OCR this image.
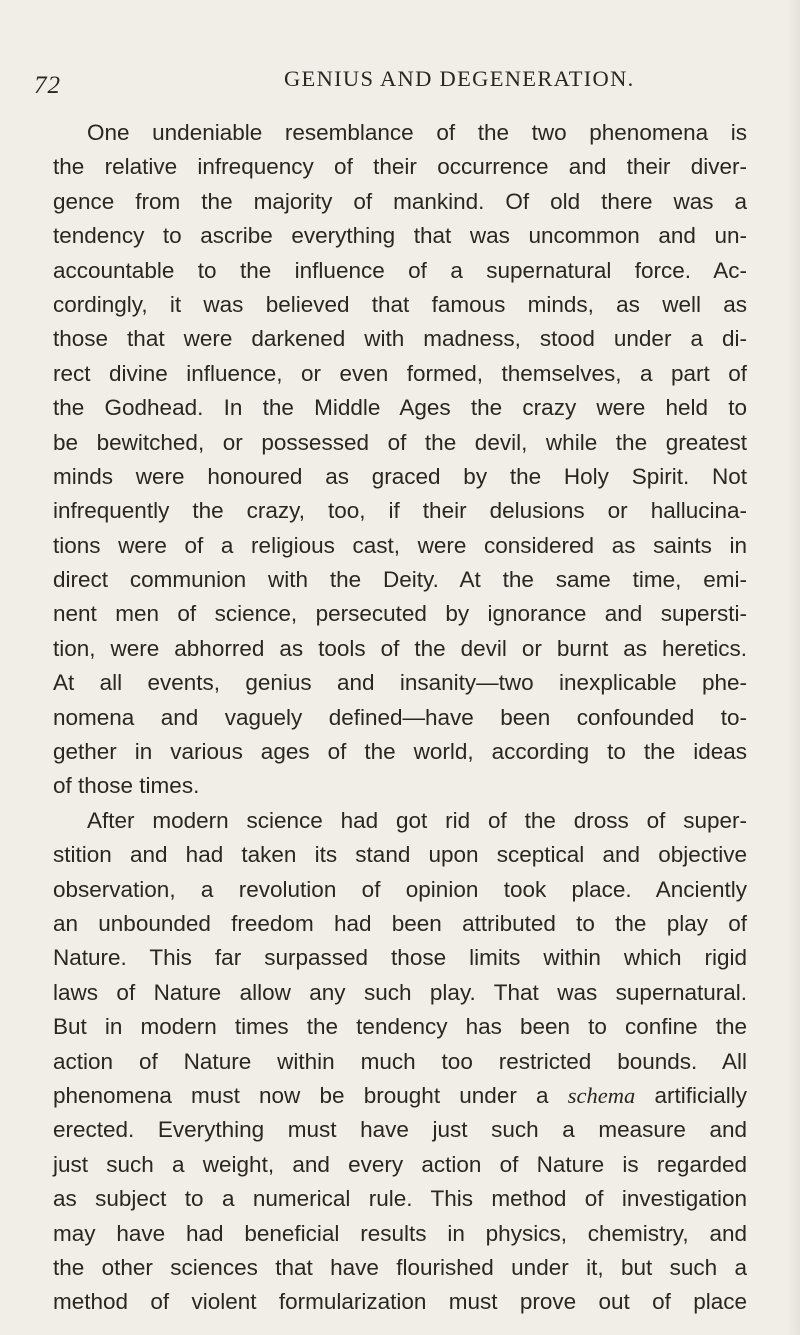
72	GENIUS AND DEGENERATION.
One undeniable resemblance of the two phenomena is
the relative infrequency of their occurrence and their diver-
gence from the majority of mankind. Of old there was a
tendency to ascribe everything that was uncommon and un-
accountable to the influence of a supernatural force. Ac-
cordingly, it was believed that famous minds, as well as
those that were darkened with madness, stood under a di-
rect divine influence, or even formed, themselves, a part of
the Godhead. In the Middle Ages the crazy were held to
be bewitched, or possessed of the devil, while the greatest
minds were honoured as graced by the Holy Spirit. Not
infrequently the crazy, too, if their delusions or hallucina-
tions were of a religious cast, were considered as saints in
direct communion with the Deity. At the same time, emi-
nent men of science, persecuted by ignorance and supersti-
tion, were abhorred as tools of the devil or burnt as heretics.
At all events, genius and insanity—two inexplicable phe-
nomena and vaguely defined—have been confounded to-
gether in various ages of the world, according to the ideas
of those times.
After modern science had got rid of the dross of super-
stition and had taken its stand upon sceptical and objective
observation, a revolution of opinion took place. Anciently
an unbounded freedom had been attributed to the play of
Nature. This far surpassed those limits within which rigid
laws of Nature allow any such play. That was supernatural.
But in modern times the tendency has been to confine the
action of Nature within much too restricted bounds. All
phenomena must now be brought under a schema artificially
erected. Everything must have just such a measure and
just such a weight, and every action of Nature is regarded
as subject to a numerical rule. This method of investigation
may have had beneficial results in physics, chemistry, and
the other sciences that have flourished under it, but such a
method of violent formularization must prove out of place
